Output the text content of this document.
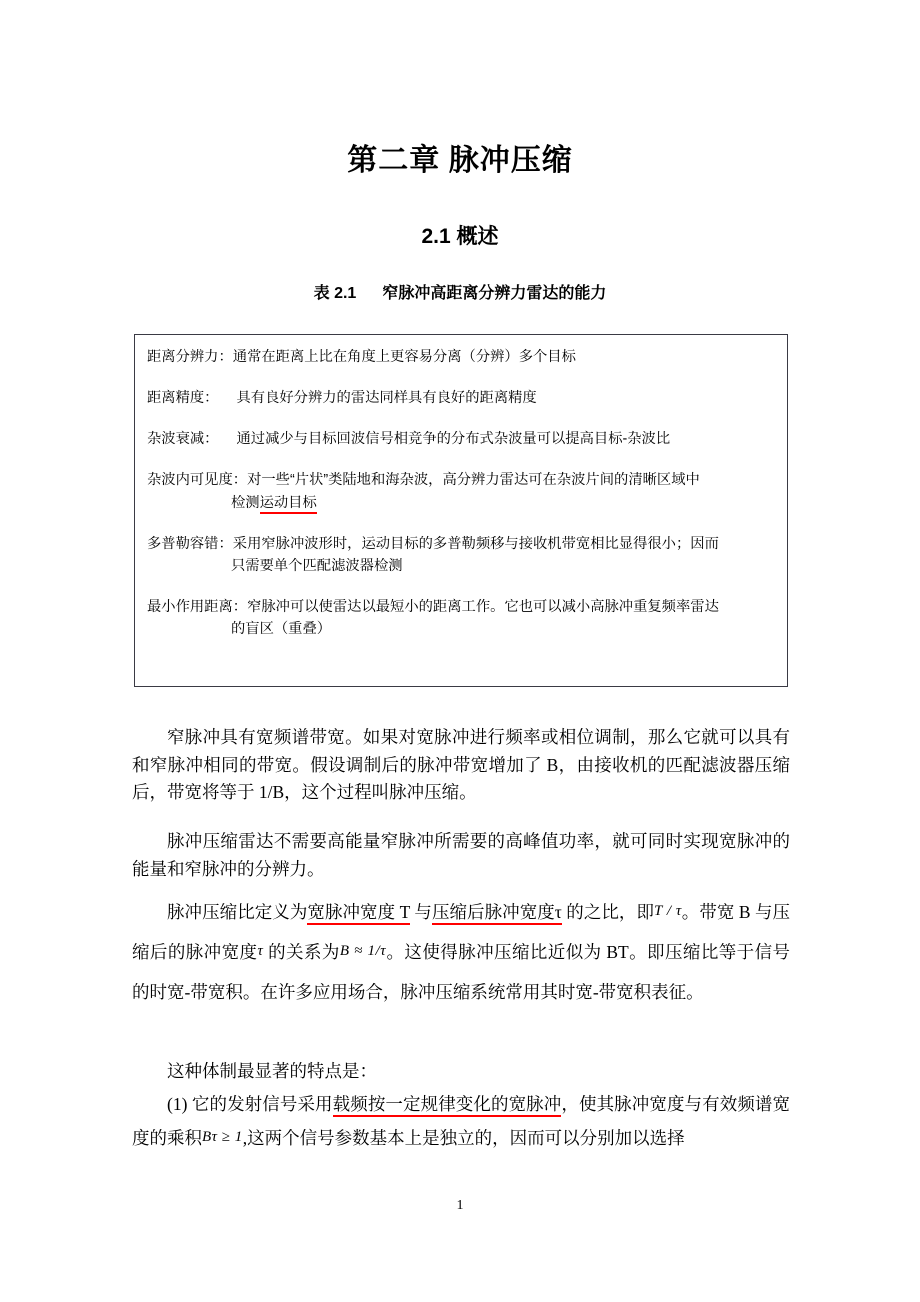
第二章 脉冲压缩
2.1 概述
表 2.1 窄脉冲高距离分辨力雷达的能力
距离分辨力：通常在距离上比在角度上更容易分离（分辨）多个目标
距离精度： 具有良好分辨力的雷达同样具有良好的距离精度
杂波衰减： 通过减少与目标回波信号相竞争的分布式杂波量可以提高目标-杂波比
杂波内可见度：对一些“片状”类陆地和海杂波，高分辨力雷达可在杂波片间的清晰区域中
检测运动目标
多普勒容错：采用窄脉冲波形时，运动目标的多普勒频移与接收机带宽相比显得很小；因而
只需要单个匹配滤波器检测
最小作用距离：窄脉冲可以使雷达以最短小的距离工作。它也可以减小高脉冲重复频率雷达
的盲区（重叠）
窄脉冲具有宽频谱带宽。如果对宽脉冲进行频率或相位调制，那么它就可以具有和窄脉冲相同的带宽。假设调制后的脉冲带宽增加了 B，由接收机的匹配滤波器压缩后，带宽将等于 1/B，这个过程叫脉冲压缩。
脉冲压缩雷达不需要高能量窄脉冲所需要的高峰值功率，就可同时实现宽脉冲的能量和窄脉冲的分辨力。
脉冲压缩比定义为宽脉冲宽度 T 与压缩后脉冲宽度τ 的之比，即T / τ。带宽 B 与压缩后的脉冲宽度τ 的关系为B ≈ 1/τ。这使得脉冲压缩比近似为 BT。即压缩比等于信号的时宽-带宽积。在许多应用场合，脉冲压缩系统常用其时宽-带宽积表征。
这种体制最显著的特点是：
(1) 它的发射信号采用载频按一定规律变化的宽脉冲，使其脉冲宽度与有效频谱宽度的乘积Bτ ≥ 1,这两个信号参数基本上是独立的，因而可以分别加以选择
1
